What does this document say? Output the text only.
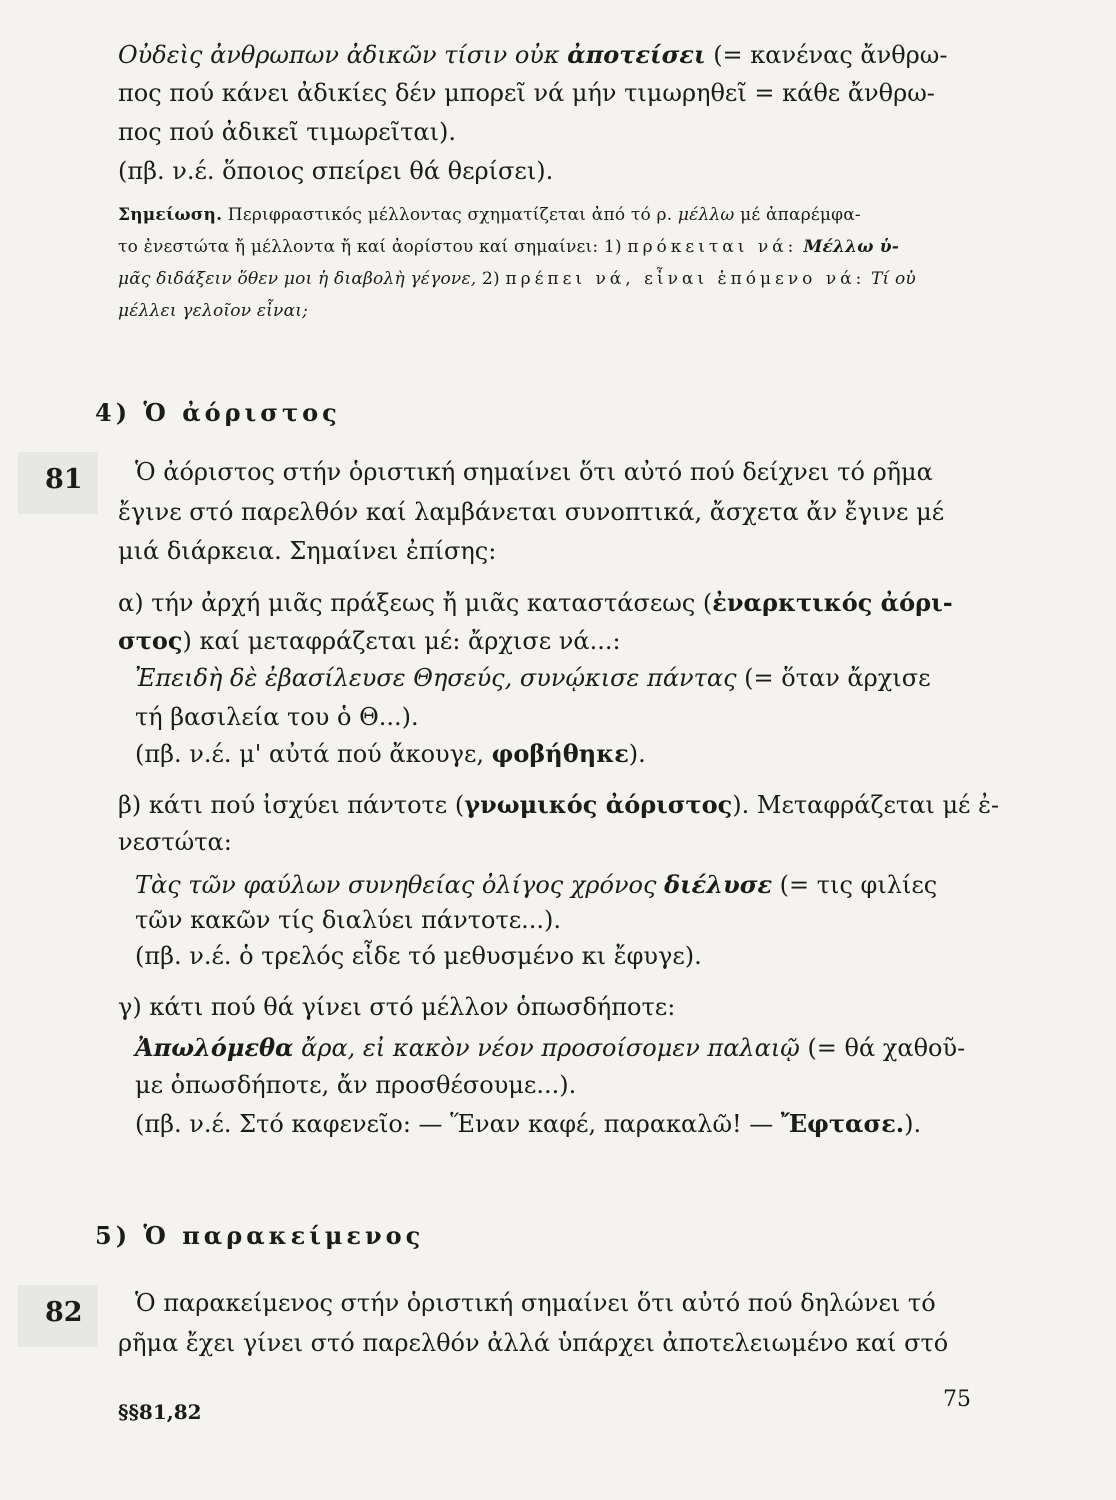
Οὐδεὶς ἀνθρωπων ἀδικῶν τίσιν οὐκ ἀποτείσει (= κανένας ἄνθρω-
πος πού κάνει ἀδικίες δέν μπορεῖ νά μήν τιμωρηθεῖ = κάθε ἄνθρω-
πος πού ἀδικεῖ τιμωρεῖται).
(πβ. ν.έ. ὅποιος σπείρει θά θερίσει).
Σημείωση. Περιφραστικός μέλλοντας σχηματίζεται ἀπό τό ρ. μέλλω μέ ἀπαρέμφα-
το ἐνεστώτα ἤ μέλλοντα ἤ καί ἀορίστου καί σημαίνει: 1) πρόκειται νά: Μέλλω ὑ-
μᾶς διδάξειν ὅθεν μοι ἡ διαβολὴ γέγονε, 2) πρέπει νά, εἶναι ἑπόμενο νά: Τί οὐ
μέλλει γελοῖον εἶναι;
4) Ὁ ἀόριστος
81 Ὁ ἀόριστος στήν ὁριστική σημαίνει ὅτι αὐτό πού δείχνει τό ρῆμα
ἔγινε στό παρελθόν καί λαμβάνεται συνοπτικά, ἄσχετα ἄν ἔγινε μέ
μιά διάρκεια. Σημαίνει ἐπίσης:
α) τήν ἀρχή μιᾶς πράξεως ἤ μιᾶς καταστάσεως (ἐναρκτικός ἀόρι-
στος) καί μεταφράζεται μέ: ἄρχισε νά...:
Ἐπειδὴ δὲ ἐβασίλευσε Θησεύς, συνῴκισε πάντας (= ὅταν ἄρχισε
τή βασιλεία του ὁ Θ...).
(πβ. ν.έ. μ' αὐτά πού ἄκουγε, φοβήθηκε).
β) κάτι πού ἰσχύει πάντοτε (γνωμικός ἀόριστος). Μεταφράζεται μέ ἐ-
νεστώτα:
Τὰς τῶν φαύλων συνηθείας ὀλίγος χρόνος διέλυσε (= τις φιλίες
τῶν κακῶν τίς διαλύει πάντοτε...).
(πβ. ν.έ. ὁ τρελός εἶδε τό μεθυσμένο κι ἔφυγε).
γ) κάτι πού θά γίνει στό μέλλον ὁπωσδήποτε:
Ἀπωλόμεθα ἄρα, εἰ κακὸν νέον προσοίσομεν παλαιῷ (= θά χαθοῦ-
με ὁπωσδήποτε, ἄν προσθέσουμε...).
(πβ. ν.έ. Στό καφενεῖο: — Ἕναν καφέ, παρακαλῶ! — Ἔφτασε.).
5) Ὁ παρακείμενος
82 Ὁ παρακείμενος στήν ὁριστική σημαίνει ὅτι αὐτό πού δηλώνει τό
ρῆμα ἔχει γίνει στό παρελθόν ἀλλά ὑπάρχει ἀποτελειωμένο καί στό
§§81,82	75
